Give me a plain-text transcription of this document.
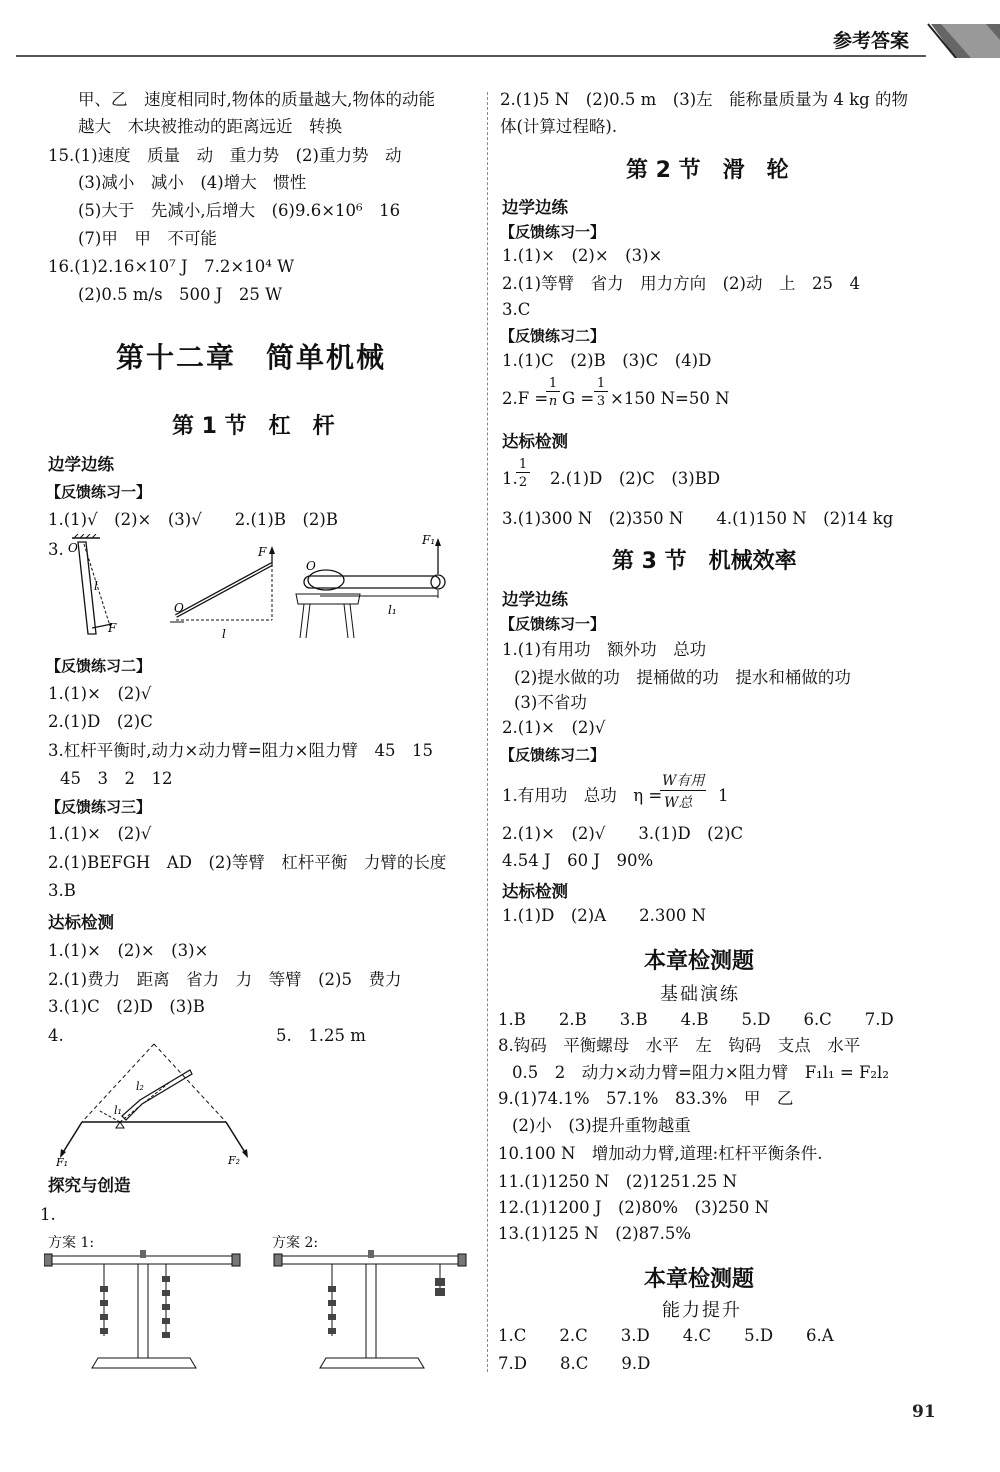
参考答案
甲、乙　速度相同时,物体的质量越大,物体的动能
越大　木块被推动的距离远近　转换
15.(1)速度　质量　动　重力势　(2)重力势　动
(3)减小　减小　(4)增大　惯性
(5)大于　先减小,后增大　(6)9.6×10⁶　16
(7)甲　甲　不可能
16.(1)2.16×10⁷ J　7.2×10⁴ W
(2)0.5 m/s　500 J　25 W
第十二章　简单机械
第 1 节　杠　杆
边学边练
【反馈练习一】
1.(1)√　(2)×　(3)√　　2.(1)B　(2)B
3. O
l
F
O
F
l
O
F₁
l₁
【反馈练习二】
1.(1)×　(2)√
2.(1)D　(2)C
3.杠杆平衡时,动力×动力臂=阻力×阻力臂　45　15
45　3　2　12
【反馈练习三】
1.(1)×　(2)√
2.(1)BEFGH　AD　(2)等臂　杠杆平衡　力臂的长度
3.B
达标检测
1.(1)×　(2)×　(3)×
2.(1)费力　距离　省力　力　等臂　(2)5　费力
3.(1)C　(2)D　(3)B
4.	5.　1.25 m
l₁
l₂
F₁	F₂
探究与创造
1.
方案 1:	方案 2:
2.(1)5 N　(2)0.5 m　(3)左　能称量质量为 4 kg 的物
体(计算过程略).
第 2 节　滑　轮
边学边练
【反馈练习一】
1.(1)×　(2)×　(3)×
2.(1)等臂　省力　用力方向　(2)动　上　25　4
3.C
【反馈练习二】
1.(1)C　(2)B　(3)C　(4)D
2.F =
1
n G =
1
3 ×150 N=50 N
达标检测
1.
1
2 2.(1)D　(2)C　(3)BD
3.(1)300 N　(2)350 N　　4.(1)150 N　(2)14 kg
第 3 节　机械效率
边学边练
【反馈练习一】
1.(1)有用功　额外功　总功
(2)提水做的功　提桶做的功　提水和桶做的功
(3)不省功
2.(1)×　(2)√
【反馈练习二】
1.有用功　总功　η =
W有用
W总 1
2.(1)×　(2)√　　3.(1)D　(2)C
4.54 J　60 J　90%
达标检测
1.(1)D　(2)A　　2.300 N
本章检测题
基础演练
1.B　　2.B　　3.B　　4.B　　5.D　　6.C　　7.D
8.钩码　平衡螺母　水平　左　钩码　支点　水平
0.5　2　动力×动力臂=阻力×阻力臂　F₁l₁ = F₂l₂
9.(1)74.1%　57.1%　83.3%　甲　乙
(2)小　(3)提升重物越重
10.100 N　增加动力臂,道理:杠杆平衡条件.
11.(1)1250 N　(2)1251.25 N
12.(1)1200 J　(2)80%　(3)250 N
13.(1)125 N　(2)87.5%
本章检测题
能力提升
1.C　　2.C　　3.D　　4.C　　5.D　　6.A
7.D　　8.C　　9.D
91
